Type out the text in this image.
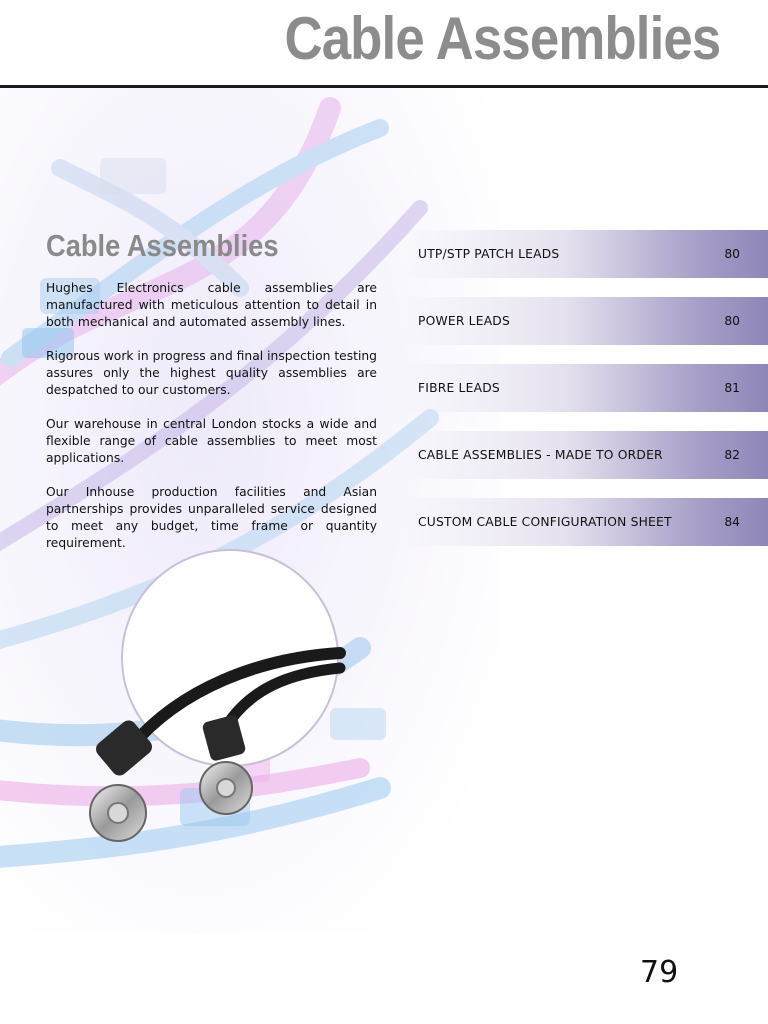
Cable Assemblies
Cable Assemblies

Hughes Electronics cable assemblies are manufactured with meticulous attention to detail in both mechanical and automated assembly lines.

Rigorous work in progress and final inspection testing assures only the highest quality assemblies are despatched to our customers.

Our warehouse in central London stocks a wide and flexible range of cable assemblies to meet most applications.

Our Inhouse production facilities and Asian partnerships provides unparalleled service designed to meet any budget, time frame or quantity requirement.

UTP/STP PATCH LEADS	80
POWER LEADS	80
FIBRE LEADS	81
CABLE ASSEMBLIES - MADE TO ORDER	82
CUSTOM CABLE CONFIGURATION SHEET	84

79
